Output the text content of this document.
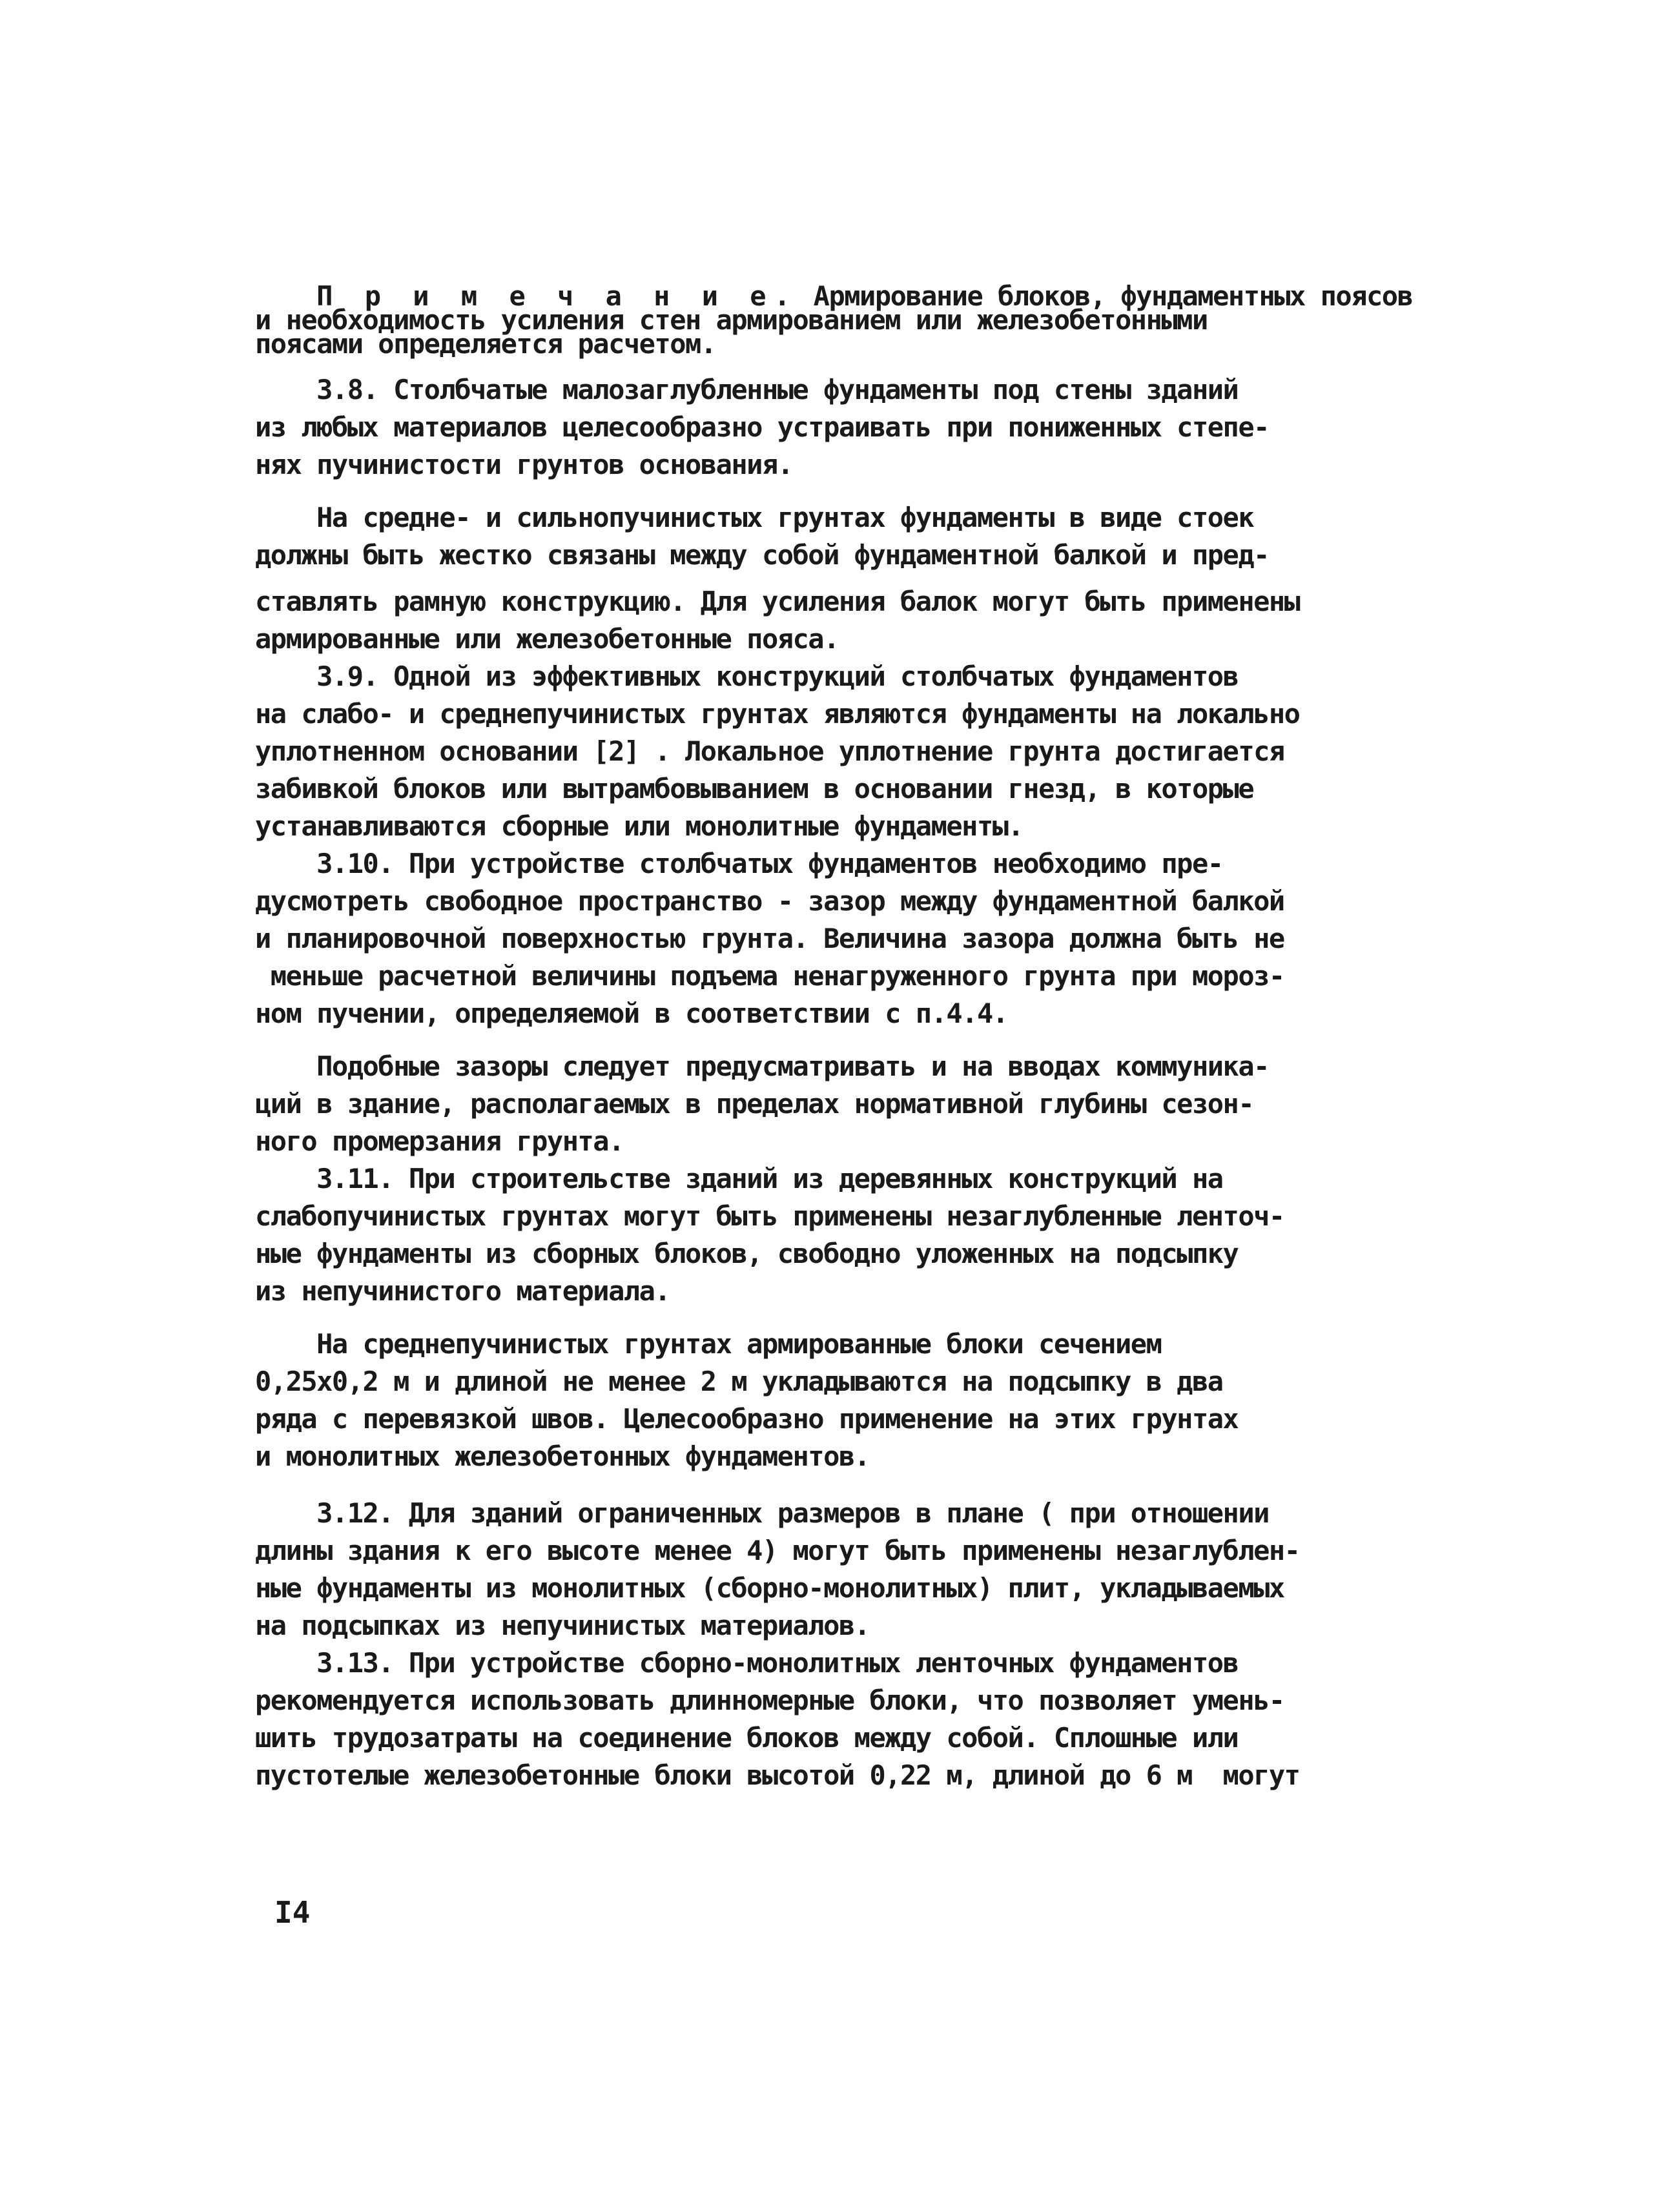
П р и м е ч а н и е. Армирование блоков, фундаментных поясов
и необходимость усиления стен армированием или железобетонными
поясами определяется расчетом.
3.8. Столбчатые малозаглубленные фундаменты под стены зданий
из любых материалов целесообразно устраивать при пониженных степе-
нях пучинистости грунтов основания.
На средне- и сильнопучинистых грунтах фундаменты в виде стоек
должны быть жестко связаны между собой фундаментной балкой и пред-
ставлять рамную конструкцию. Для усиления балок могут быть применены
армированные или железобетонные пояса.
3.9. Одной из эффективных конструкций столбчатых фундаментов
на слабо- и среднепучинистых грунтах являются фундаменты на локально
уплотненном основании [2] . Локальное уплотнение грунта достигается
забивкой блоков или вытрамбовыванием в основании гнезд, в которые
устанавливаются сборные или монолитные фундаменты.
3.10. При устройстве столбчатых фундаментов необходимо пре-
дусмотреть свободное пространство - зазор между фундаментной балкой
и планировочной поверхностью грунта. Величина зазора должна быть не
меньше расчетной величины подъема ненагруженного грунта при мороз-
ном пучении, определяемой в соответствии с п.4.4.
Подобные зазоры следует предусматривать и на вводах коммуника-
ций в здание, располагаемых в пределах нормативной глубины сезон-
ного промерзания грунта.
3.11. При строительстве зданий из деревянных конструкций на
слабопучинистых грунтах могут быть применены незаглубленные ленточ-
ные фундаменты из сборных блоков, свободно уложенных на подсыпку
из непучинистого материала.
На среднепучинистых грунтах армированные блоки сечением
0,25х0,2 м и длиной не менее 2 м укладываются на подсыпку в два
ряда с перевязкой швов. Целесообразно применение на этих грунтах
и монолитных железобетонных фундаментов.
3.12. Для зданий ограниченных размеров в плане ( при отношении
длины здания к его высоте менее 4) могут быть применены незаглублен-
ные фундаменты из монолитных (сборно-монолитных) плит, укладываемых
на подсыпках из непучинистых материалов.
3.13. При устройстве сборно-монолитных ленточных фундаментов
рекомендуется использовать длинномерные блоки, что позволяет умень-
шить трудозатраты на соединение блоков между собой. Сплошные или
пустотелые железобетонные блоки высотой 0,22 м, длиной до 6 м  могут
I4
